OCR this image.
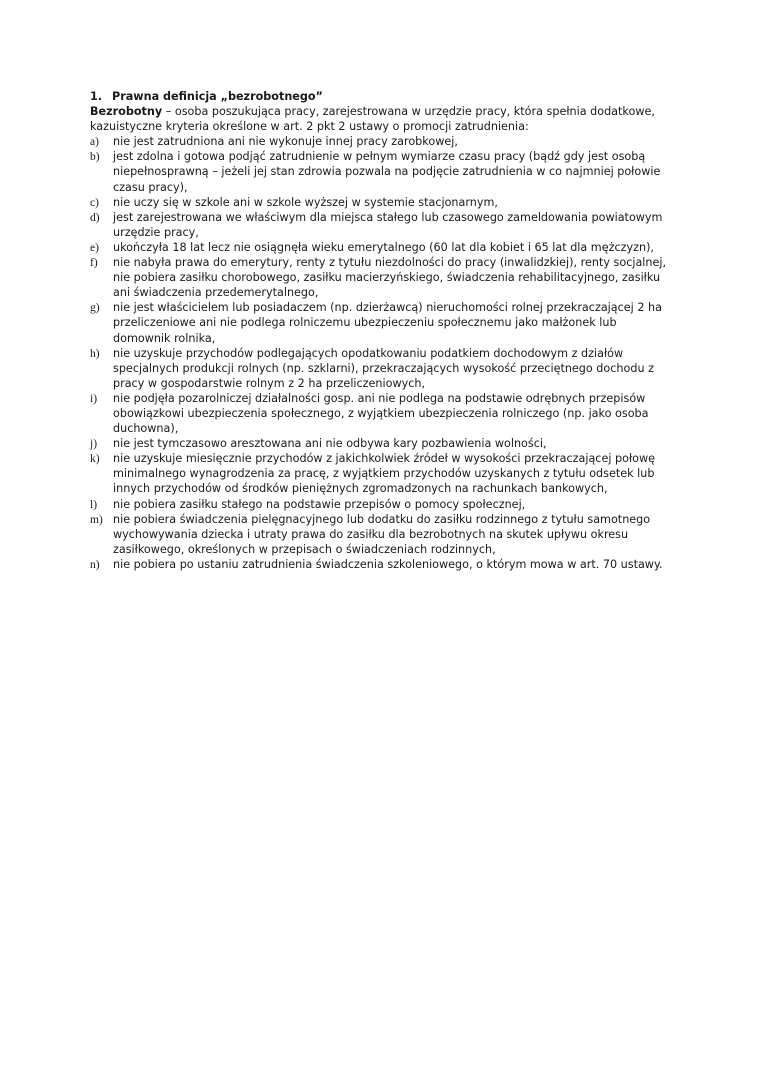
1. Prawna definicja „bezrobotnego”

Bezrobotny – osoba poszukująca pracy, zarejestrowana w urzędzie pracy, która spełnia dodatkowe, kazuistyczne kryteria określone w art. 2 pkt 2 ustawy o promocji zatrudnienia:

a) nie jest zatrudniona ani nie wykonuje innej pracy zarobkowej,
b) jest zdolna i gotowa podjąć zatrudnienie w pełnym wymiarze czasu pracy (bądź gdy jest osobą niepełnosprawną – jeżeli jej stan zdrowia pozwala na podjęcie zatrudnienia w co najmniej połowie czasu pracy),
c) nie uczy się w szkole ani w szkole wyższej w systemie stacjonarnym,
d) jest zarejestrowana we właściwym dla miejsca stałego lub czasowego zameldowania powiatowym urzędzie pracy,
e) ukończyła 18 lat lecz nie osiągnęła wieku emerytalnego (60 lat dla kobiet i 65 lat dla mężczyzn),
f) nie nabyła prawa do emerytury, renty z tytułu niezdolności do pracy (inwalidzkiej), renty socjalnej, nie pobiera zasiłku chorobowego, zasiłku macierzyńskiego, świadczenia rehabilitacyjnego, zasiłku ani świadczenia przedemerytalnego,
g) nie jest właścicielem lub posiadaczem (np. dzierżawcą) nieruchomości rolnej przekraczającej 2 ha przeliczeniowe ani nie podlega rolniczemu ubezpieczeniu społecznemu jako małżonek lub domownik rolnika,
h) nie uzyskuje przychodów podlegających opodatkowaniu podatkiem dochodowym z działów specjalnych produkcji rolnych (np. szklarni), przekraczających wysokość przeciętnego dochodu z pracy w gospodarstwie rolnym z 2 ha przeliczeniowych,
i) nie podjęła pozarolniczej działalności gosp. ani nie podlega na podstawie odrębnych przepisów obowiązkowi ubezpieczenia społecznego, z wyjątkiem ubezpieczenia rolniczego (np. jako osoba duchowna),
j) nie jest tymczasowo aresztowana ani nie odbywa kary pozbawienia wolności,
k) nie uzyskuje miesięcznie przychodów z jakichkolwiek źródeł w wysokości przekraczającej połowę minimalnego wynagrodzenia za pracę, z wyjątkiem przychodów uzyskanych z tytułu odsetek lub innych przychodów od środków pieniężnych zgromadzonych na rachunkach bankowych,
l) nie pobiera zasiłku stałego na podstawie przepisów o pomocy społecznej,
m) nie pobiera świadczenia pielęgnacyjnego lub dodatku do zasiłku rodzinnego z tytułu samotnego wychowywania dziecka i utraty prawa do zasiłku dla bezrobotnych na skutek upływu okresu zasiłkowego, określonych w przepisach o świadczeniach rodzinnych,
n) nie pobiera po ustaniu zatrudnienia świadczenia szkoleniowego, o którym mowa w art. 70 ustawy.
